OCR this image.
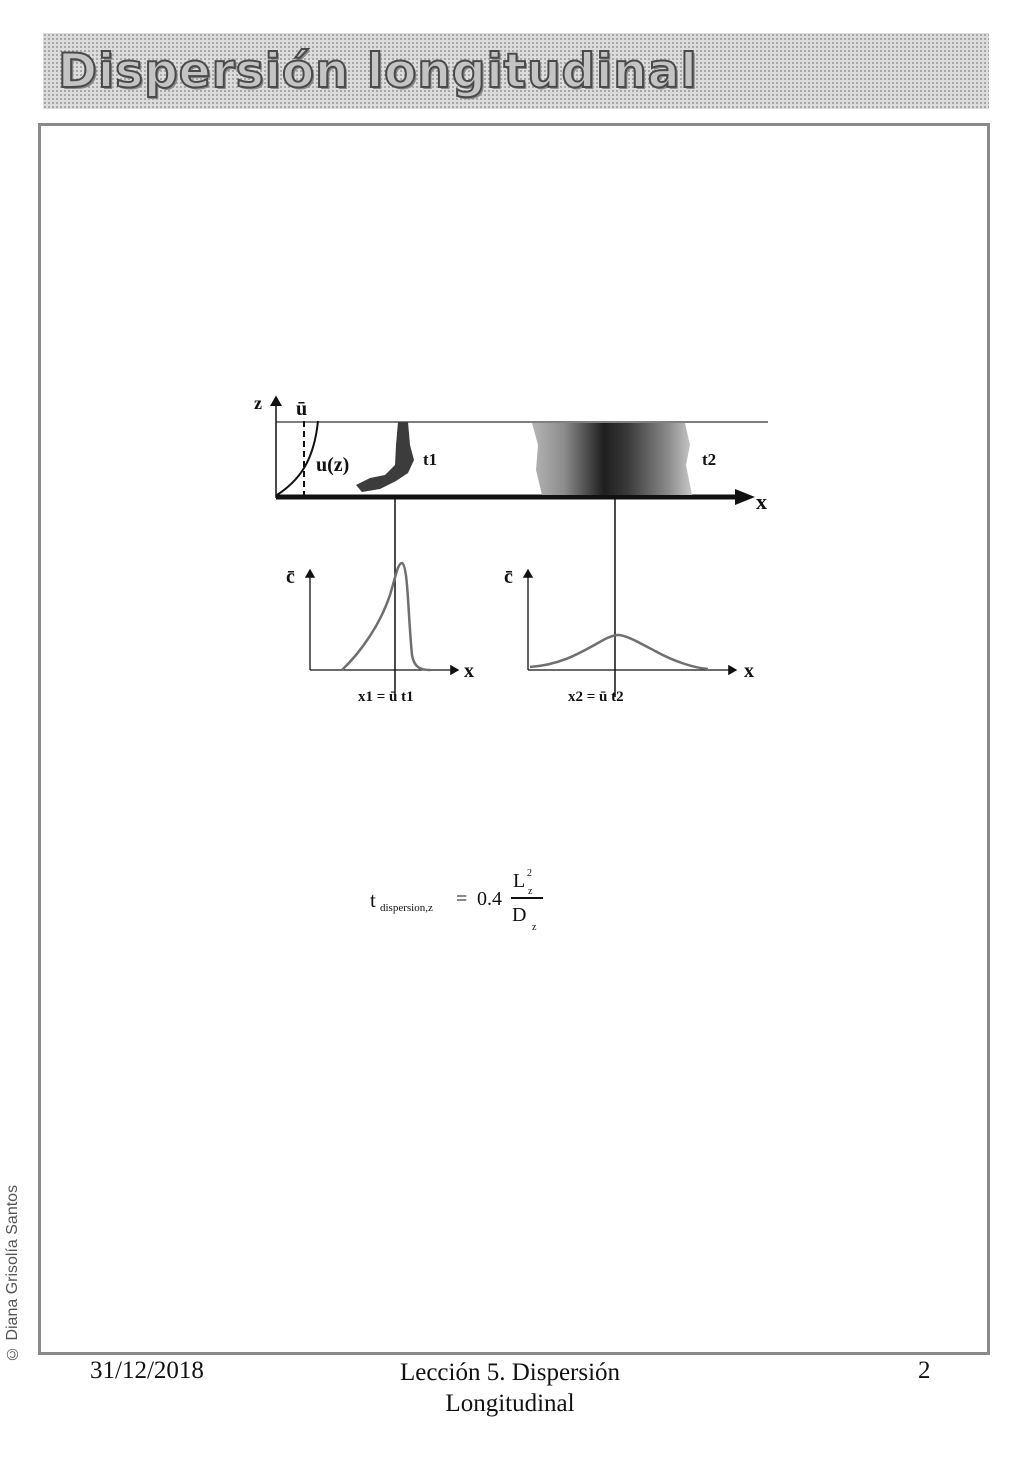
Dispersión longitudinal
© Diana Grisolía Santos
z
x
ū
u(z)	t1	t2
c̄
x
x1 = ū t1
c̄
x
x2 = ū t2
t dispersion,z = 0.4
L 2
z
D
z
31/12/2018	Lección 5. Dispersión Longitudinal
2
